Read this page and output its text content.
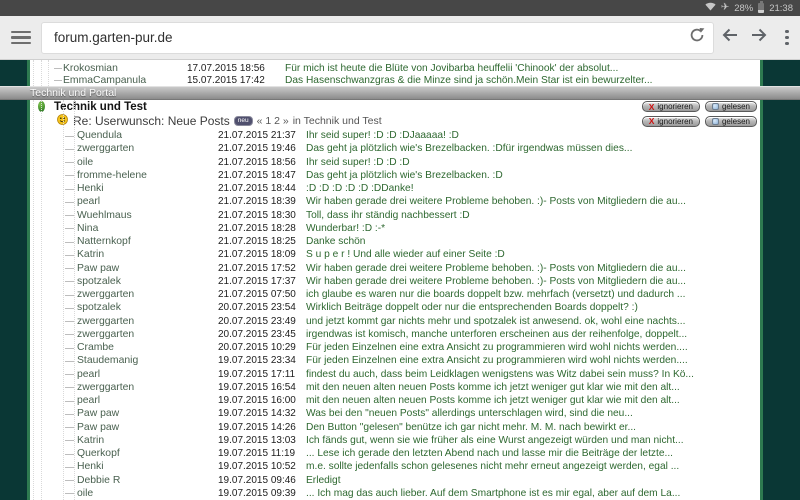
✈ 28% 21:38
forum.garten-pur.de
Krokosmian	17.07.2015 18:56	Für mich ist heute die Blüte von Jovibarba heuffelii 'Chinook' der absolut...
EmmaCampanula	15.07.2015 17:42	Das Hasenschwanzgras & die Minze sind ja schön.Mein Star ist ein bewurzelter...
Technik und Portal
Technik und Test	X ignorieren	gelesen
Re: Userwunsch: Neue Posts	neu « 1 2 » in Technik und Test	X ignorieren	gelesen
Quendula	21.07.2015 21:37 Ihr seid super! :D :D :DJaaaaa! :D
zwerggarten	21.07.2015 19:46 Das geht ja plötzlich wie's Brezelbacken. :Dfür irgendwas müssen dies...
oile	21.07.2015 18:56 Ihr seid super! :D :D :D
fromme-helene	21.07.2015 18:47 Das geht ja plötzlich wie's Brezelbacken. :D
Henki	21.07.2015 18:44 :D :D :D :D :D :DDanke!
pearl	21.07.2015 18:39 Wir haben gerade drei weitere Probleme behoben. :)- Posts von Mitgliedern die au...
Wuehlmaus	21.07.2015 18:30 Toll, dass ihr ständig nachbessert :D
Nina	21.07.2015 18:28 Wunderbar! :D :-*
Natternkopf	21.07.2015 18:25 Danke schön
Katrin	21.07.2015 18:09 S u p e r ! Und alle wieder auf einer Seite :D
Paw paw	21.07.2015 17:52 Wir haben gerade drei weitere Probleme behoben. :)- Posts von Mitgliedern die au...
spotzalek	21.07.2015 17:37 Wir haben gerade drei weitere Probleme behoben. :)- Posts von Mitgliedern die au...
zwerggarten	21.07.2015 07:50 ich glaube es waren nur die boards doppelt bzw. mehrfach (versetzt) und dadurch ...
spotzalek	20.07.2015 23:54 Wirklich Beiträge doppelt oder nur die entsprechenden Boards doppelt? :)
zwerggarten	20.07.2015 23:49 und jetzt kommt gar nichts mehr und spotzalek ist anwesend. ok, wohl eine nachts...
zwerggarten	20.07.2015 23:45 irgendwas ist komisch, manche unterforen erscheinen aus der reihenfolge, doppelt...
Crambe	20.07.2015 10:29 Für jeden Einzelnen eine extra Ansicht zu programmieren wird wohl nichts werden....
Staudemanig	19.07.2015 23:34 Für jeden Einzelnen eine extra Ansicht zu programmieren wird wohl nichts werden....
pearl	19.07.2015 17:11	findest du auch, dass beim Leidklagen wenigstens was Witz dabei sein muss? In Kö...
zwerggarten	19.07.2015 16:54 mit den neuen alten neuen Posts komme ich jetzt weniger gut klar wie mit den alt...
pearl	19.07.2015 16:00 mit den neuen alten neuen Posts komme ich jetzt weniger gut klar wie mit den alt...
Paw paw	19.07.2015 14:32 Was bei den "neuen Posts" allerdings unterschlagen wird, sind die neu...
Paw paw	19.07.2015 14:26 Den Button "gelesen" benütze ich gar nicht mehr. M. M. nach bewirkt er...
Katrin	19.07.2015 13:03 Ich fänds gut, wenn sie wie früher als eine Wurst angezeigt würden und man nicht...
Querkopf	19.07.2015 11:19	... Lese ich gerade den letzten Abend nach und lasse mir die Beiträge der letzte...
Henki	19.07.2015 10:52 m.e. sollte jedenfalls schon gelesenes nicht mehr erneut angezeigt werden, egal ...
Debbie R	19.07.2015 09:46 Erledigt
oile	19.07.2015 09:39 ... Ich mag das auch lieber. Auf dem Smartphone ist es mir egal, aber auf dem La...
